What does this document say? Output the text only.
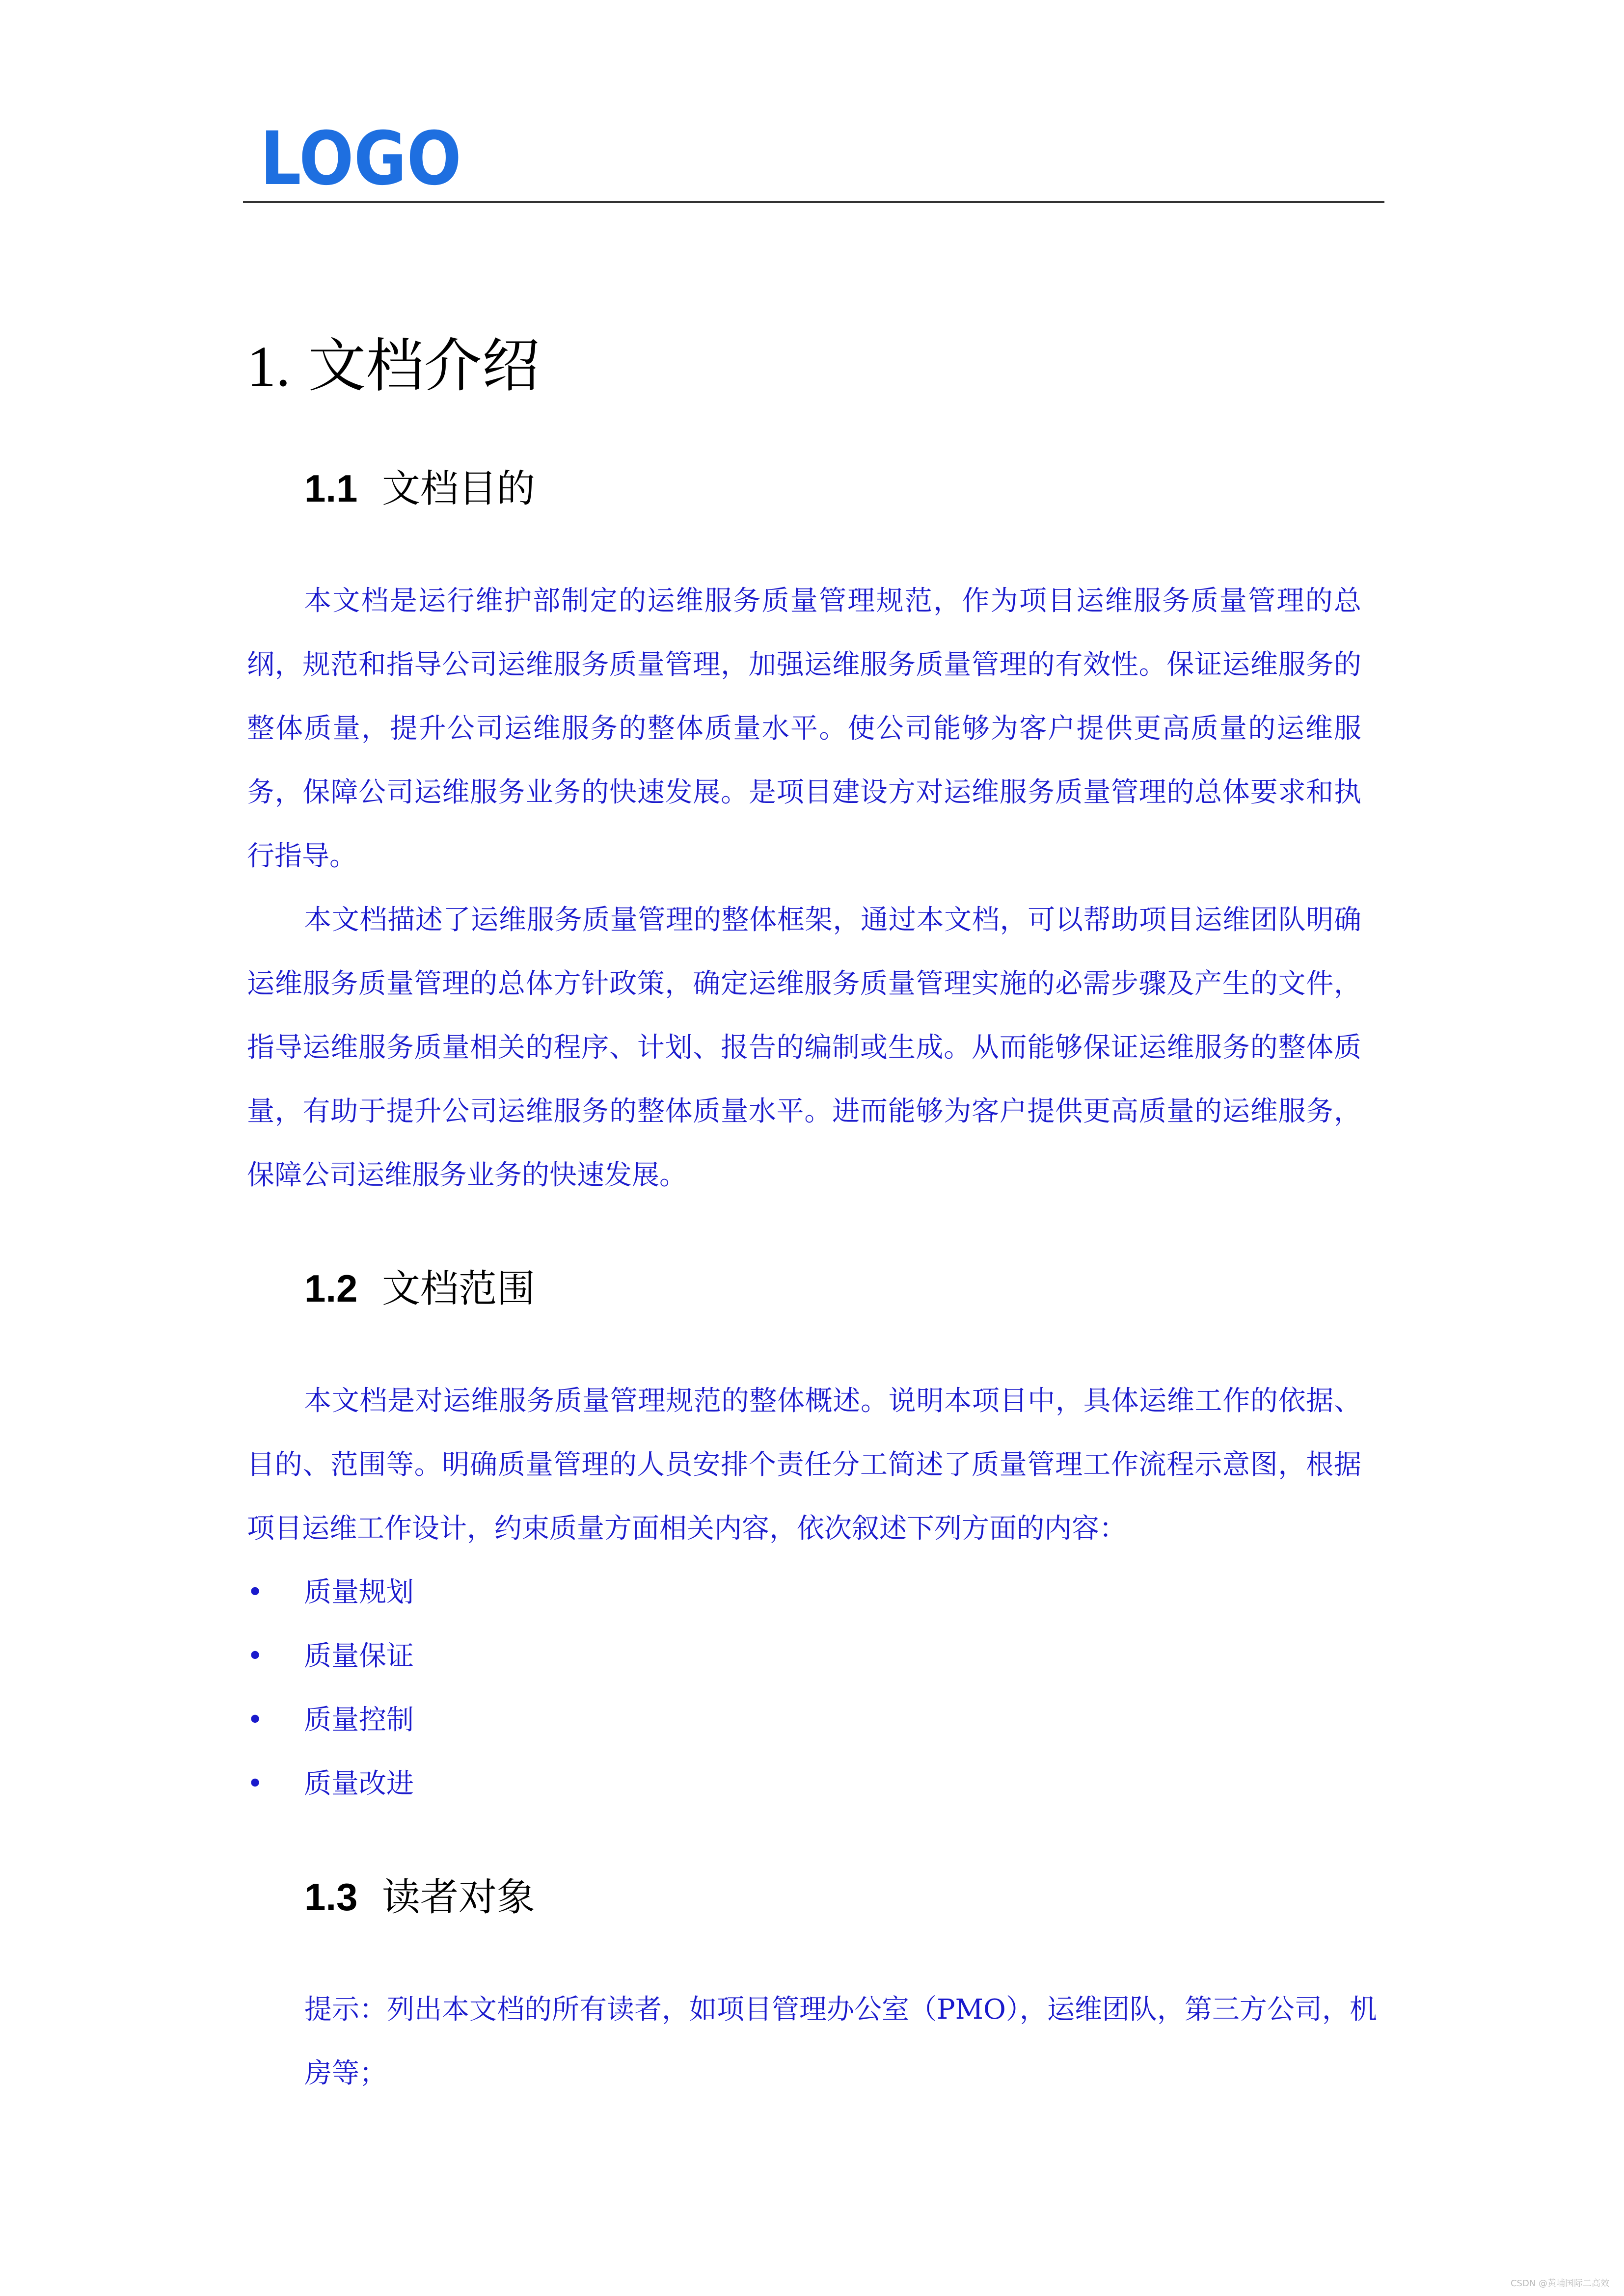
LOGO
1. 文档介绍
1.1 文档目的

本文档是运行维护部制定的运维服务质量管理规范，作为项目运维服务质量管理的总纲，规范和指导公司运维服务质量管理，加强运维服务质量管理的有效性。保证运维服务的整体质量，提升公司运维服务的整体质量水平。使公司能够为客户提供更高质量的运维服务，保障公司运维服务业务的快速发展。是项目建设方对运维服务质量管理的总体要求和执行指导。

本文档描述了运维服务质量管理的整体框架，通过本文档，可以帮助项目运维团队明确运维服务质量管理的总体方针政策，确定运维服务质量管理实施的必需步骤及产生的文件，指导运维服务质量相关的程序、计划、报告的编制或生成。从而能够保证运维服务的整体质量，有助于提升公司运维服务的整体质量水平。进而能够为客户提供更高质量的运维服务，保障公司运维服务业务的快速发展。

1.2 文档范围

本文档是对运维服务质量管理规范的整体概述。说明本项目中，具体运维工作的依据、目的、范围等。明确质量管理的人员安排个责任分工简述了质量管理工作流程示意图，根据项目运维工作设计，约束质量方面相关内容，依次叙述下列方面的内容：

• 质量规划
• 质量保证
• 质量控制
• 质量改进
1.3 读者对象

提示：列出本文档的所有读者，如项目管理办公室（PMO），运维团队，第三方公司，机房等；

CSDN @黄埔国际二高效
